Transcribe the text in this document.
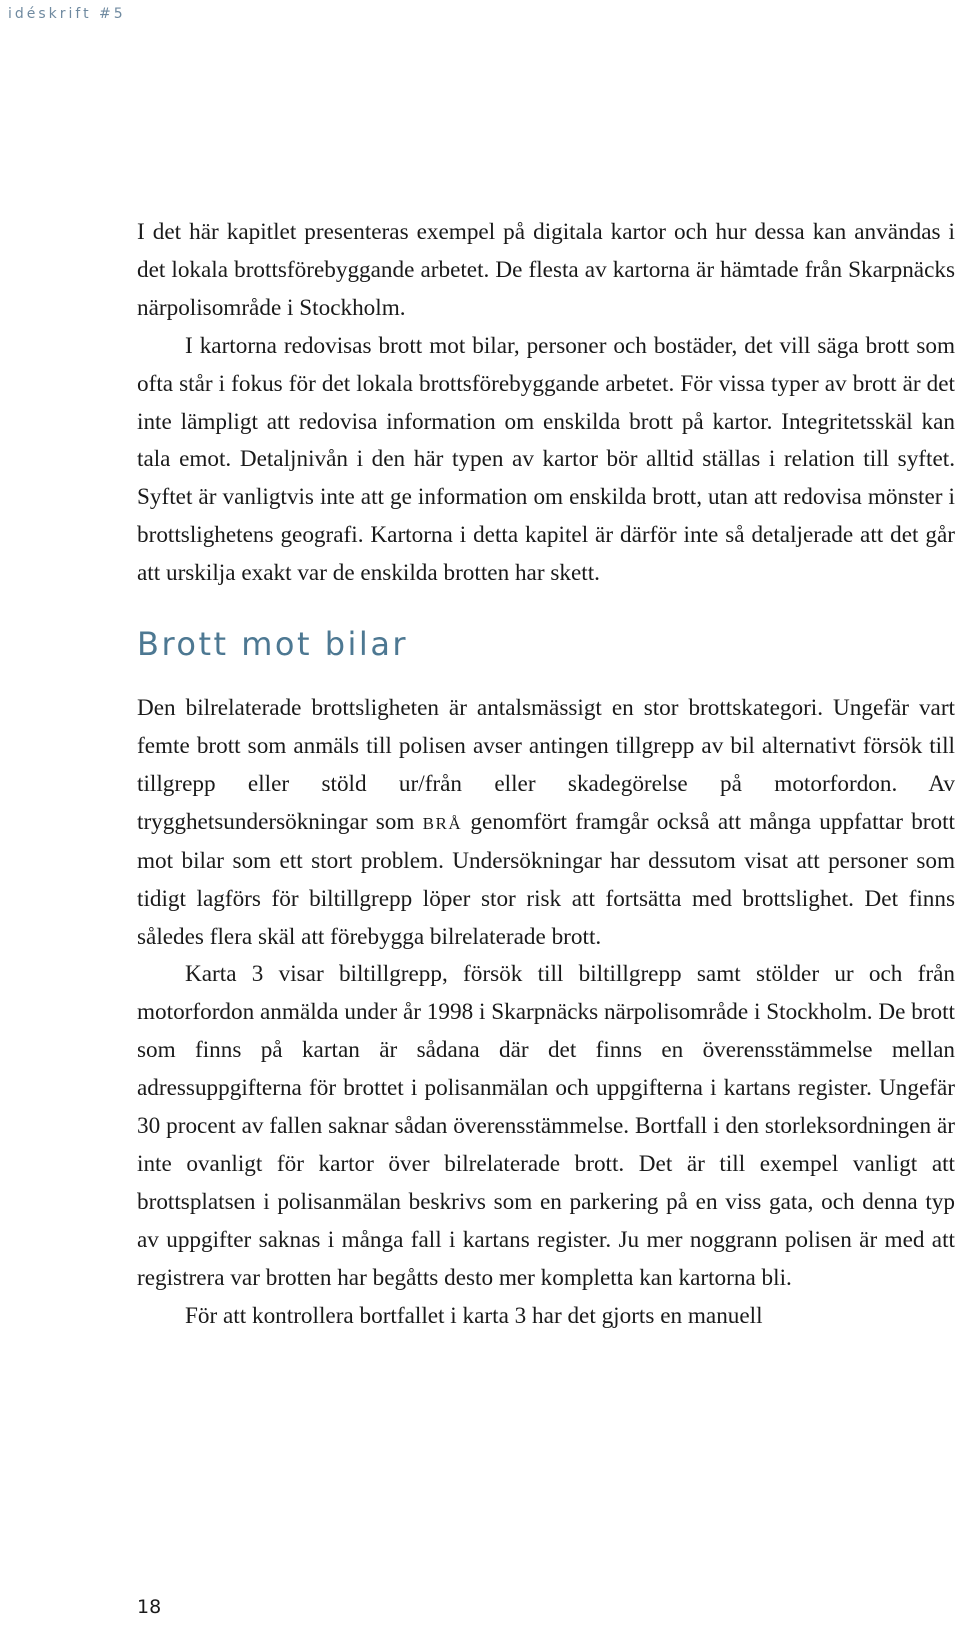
idéskrift #5

I det här kapitlet presenteras exempel på digitala kartor och hur dessa kan användas i det lokala brottsförebyggande arbetet. De flesta av kartorna är hämtade från Skarpnäcks närpolisområde i Stockholm.

I kartorna redovisas brott mot bilar, personer och bostäder, det vill säga brott som ofta står i fokus för det lokala brottsförebyggande arbetet. För vissa typer av brott är det inte lämpligt att redovisa information om enskilda brott på kartor. Integritetsskäl kan tala emot. Detaljnivån i den här typen av kartor bör alltid ställas i relation till syftet. Syftet är vanligtvis inte att ge information om enskilda brott, utan att redovisa mönster i brottslighetens geografi. Kartorna i detta kapitel är därför inte så detaljerade att det går att urskilja exakt var de enskilda brotten har skett.

Brott mot bilar

Den bilrelaterade brottsligheten är antalsmässigt en stor brottskategori. Ungefär vart femte brott som anmäls till polisen avser antingen tillgrepp av bil alternativt försök till tillgrepp eller stöld ur/från eller skadegörelse på motorfordon. Av trygghetsundersökningar som BRÅ genomfört framgår också att många uppfattar brott mot bilar som ett stort problem. Undersökningar har dessutom visat att personer som tidigt lagförs för biltillgrepp löper stor risk att fortsätta med brottslighet. Det finns således flera skäl att förebygga bilrelaterade brott.

Karta 3 visar biltillgrepp, försök till biltillgrepp samt stölder ur och från motorfordon anmälda under år 1998 i Skarpnäcks närpolisområde i Stockholm. De brott som finns på kartan är sådana där det finns en överensstämmelse mellan adressuppgifterna för brottet i polisanmälan och uppgifterna i kartans register. Ungefär 30 procent av fallen saknar sådan överensstämmelse. Bortfall i den storleksordningen är inte ovanligt för kartor över bilrelaterade brott. Det är till exempel vanligt att brottsplatsen i polisanmälan beskrivs som en parkering på en viss gata, och denna typ av uppgifter saknas i många fall i kartans register. Ju mer noggrann polisen är med att registrera var brotten har begåtts desto mer kompletta kan kartorna bli.

För att kontrollera bortfallet i karta 3 har det gjorts en manuell

18
